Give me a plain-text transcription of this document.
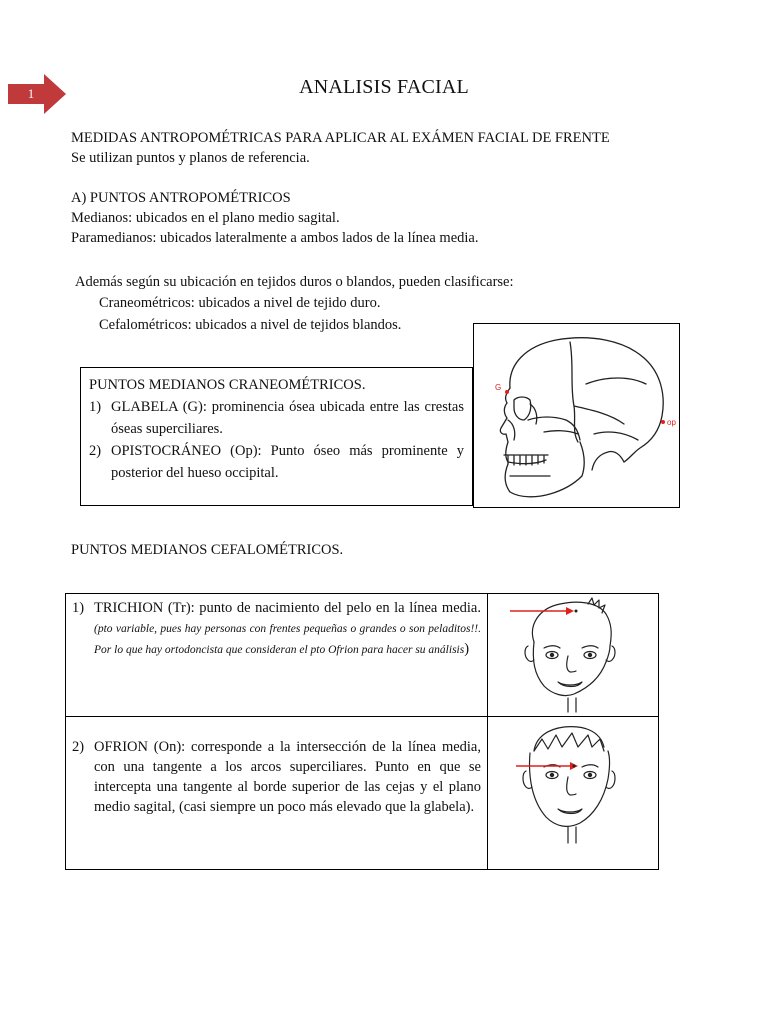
1	ANALISIS FACIAL
MEDIDAS ANTROPOMÉTRICAS PARA APLICAR AL EXÁMEN FACIAL DE FRENTE
Se utilizan puntos y planos de referencia.
A) PUNTOS ANTROPOMÉTRICOS
Medianos: ubicados en el plano medio sagital.
Paramedianos: ubicados lateralmente a ambos lados de la línea media.
Además según su ubicación en tejidos duros o blandos, pueden clasificarse:
Craneométricos: ubicados a nivel de tejido duro.
Cefalométricos: ubicados a nivel de tejidos blandos.
PUNTOS MEDIANOS CRANEOMÉTRICOS.
1) GLABELA (G): prominencia ósea ubicada entre las crestas óseas superciliares.
2) OPISTOCRÁNEO (Op): Punto óseo más prominente y posterior del hueso occipital.
G
op
PUNTOS MEDIANOS CEFALOMÉTRICOS.
1) TRICHION (Tr): punto de nacimiento del pelo en la línea media.(pto variable, pues hay personas con frentes pequeñas o grandes o son peladitos!!. Por lo que hay ortodoncista que consideran el pto Ofrion para hacer su análisis)

2) OFRION (On): corresponde a la intersección de la línea media, con una tangente a los arcos superciliares. Punto en que se intercepta una tangente al borde superior de las cejas y el plano medio sagital, (casi siempre un poco más elevado que la glabela).
